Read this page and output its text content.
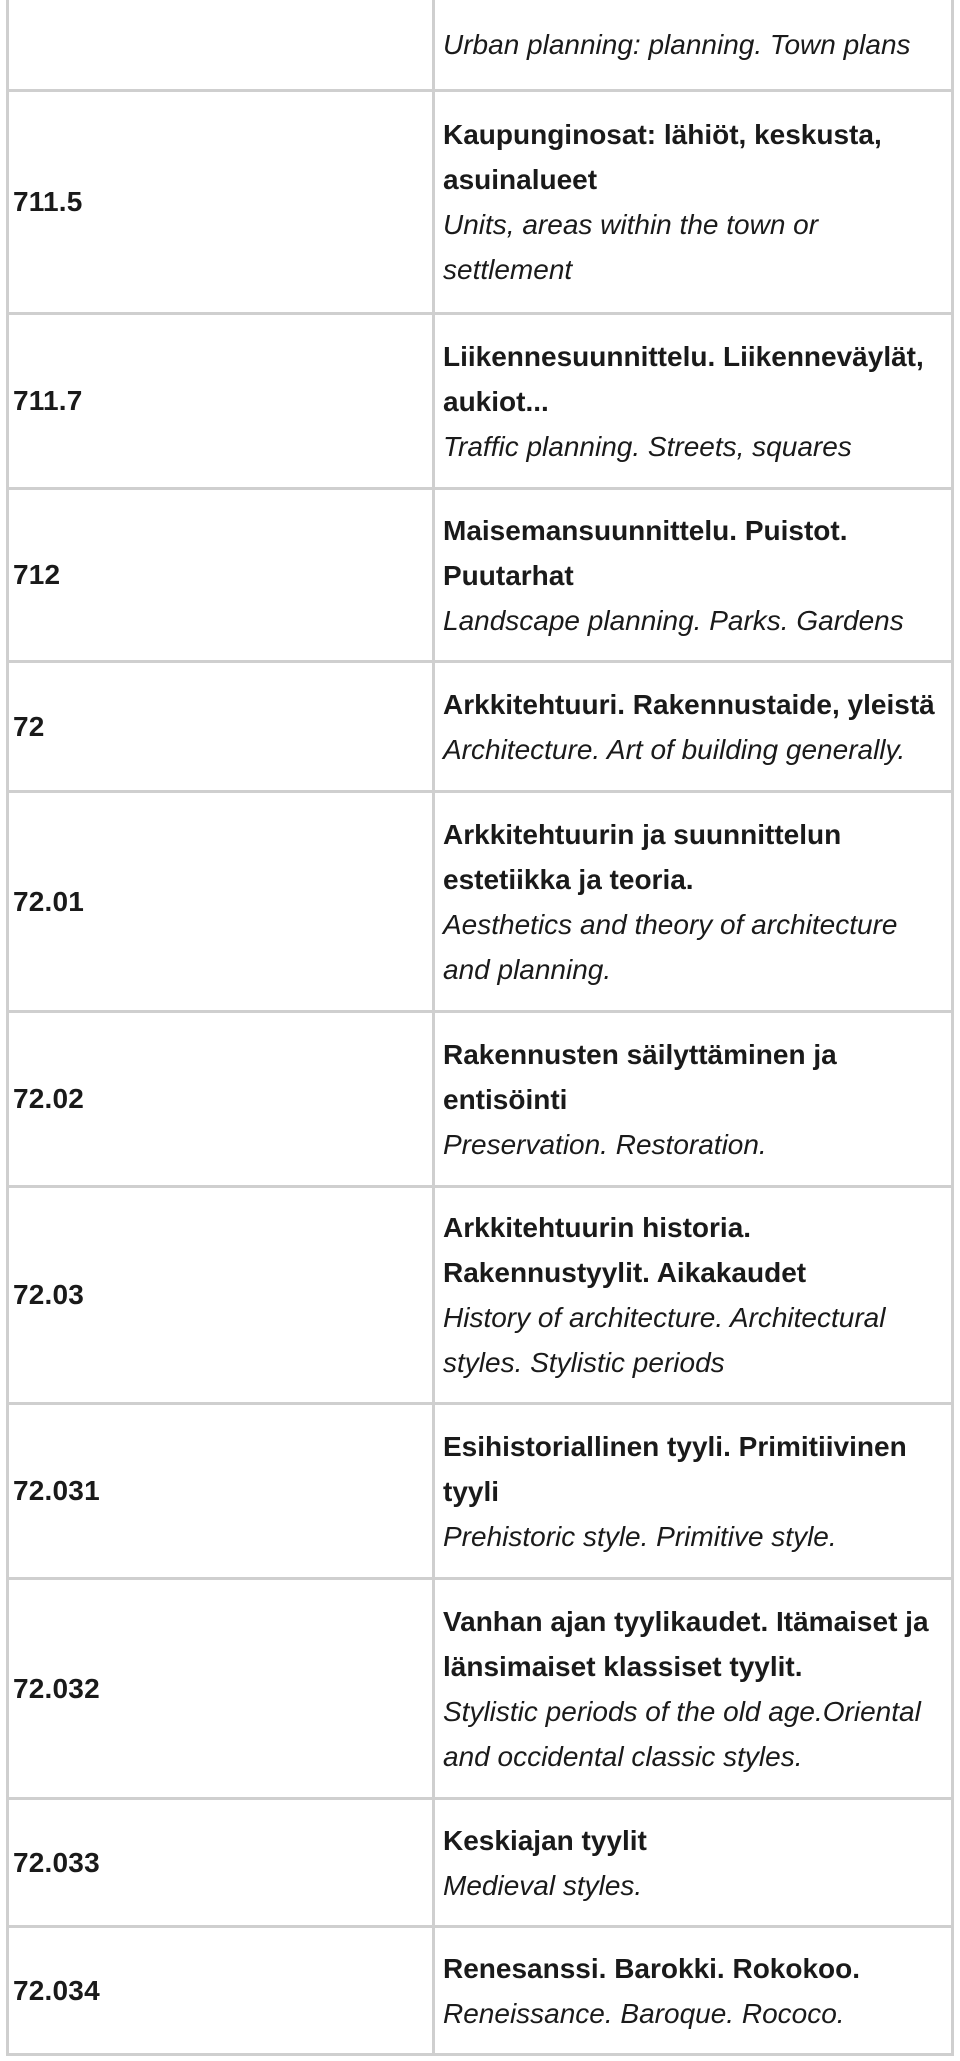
Urban planning: planning. Town plans
711.5
Kaupunginosat: lähiöt, keskusta, asuinalueet
Units, areas within the town or settlement
711.7
Liikennesuunnittelu. Liikenneväylät, aukiot...
Traffic planning. Streets, squares
712
Maisemansuunnittelu. Puistot. Puutarhat
Landscape planning. Parks. Gardens
72
Arkkitehtuuri. Rakennustaide, yleistä
Architecture. Art of building generally.
72.01
Arkkitehtuurin ja suunnittelun estetiikka ja teoria.
Aesthetics and theory of architecture and planning.
72.02
Rakennusten säilyttäminen ja entisöinti
Preservation. Restoration.
72.03
Arkkitehtuurin historia. Rakennustyylit. Aikakaudet
History of architecture. Architectural styles. Stylistic periods
72.031
Esihistoriallinen tyyli. Primitiivinen tyyli
Prehistoric style. Primitive style.
72.032
Vanhan ajan tyylikaudet. Itämaiset ja länsimaiset klassiset tyylit.
Stylistic periods of the old age.Oriental and occidental classic styles.
72.033
Keskiajan tyylit
Medieval styles.
72.034
Renesanssi. Barokki. Rokokoo.
Reneissance. Baroque. Rococo.
